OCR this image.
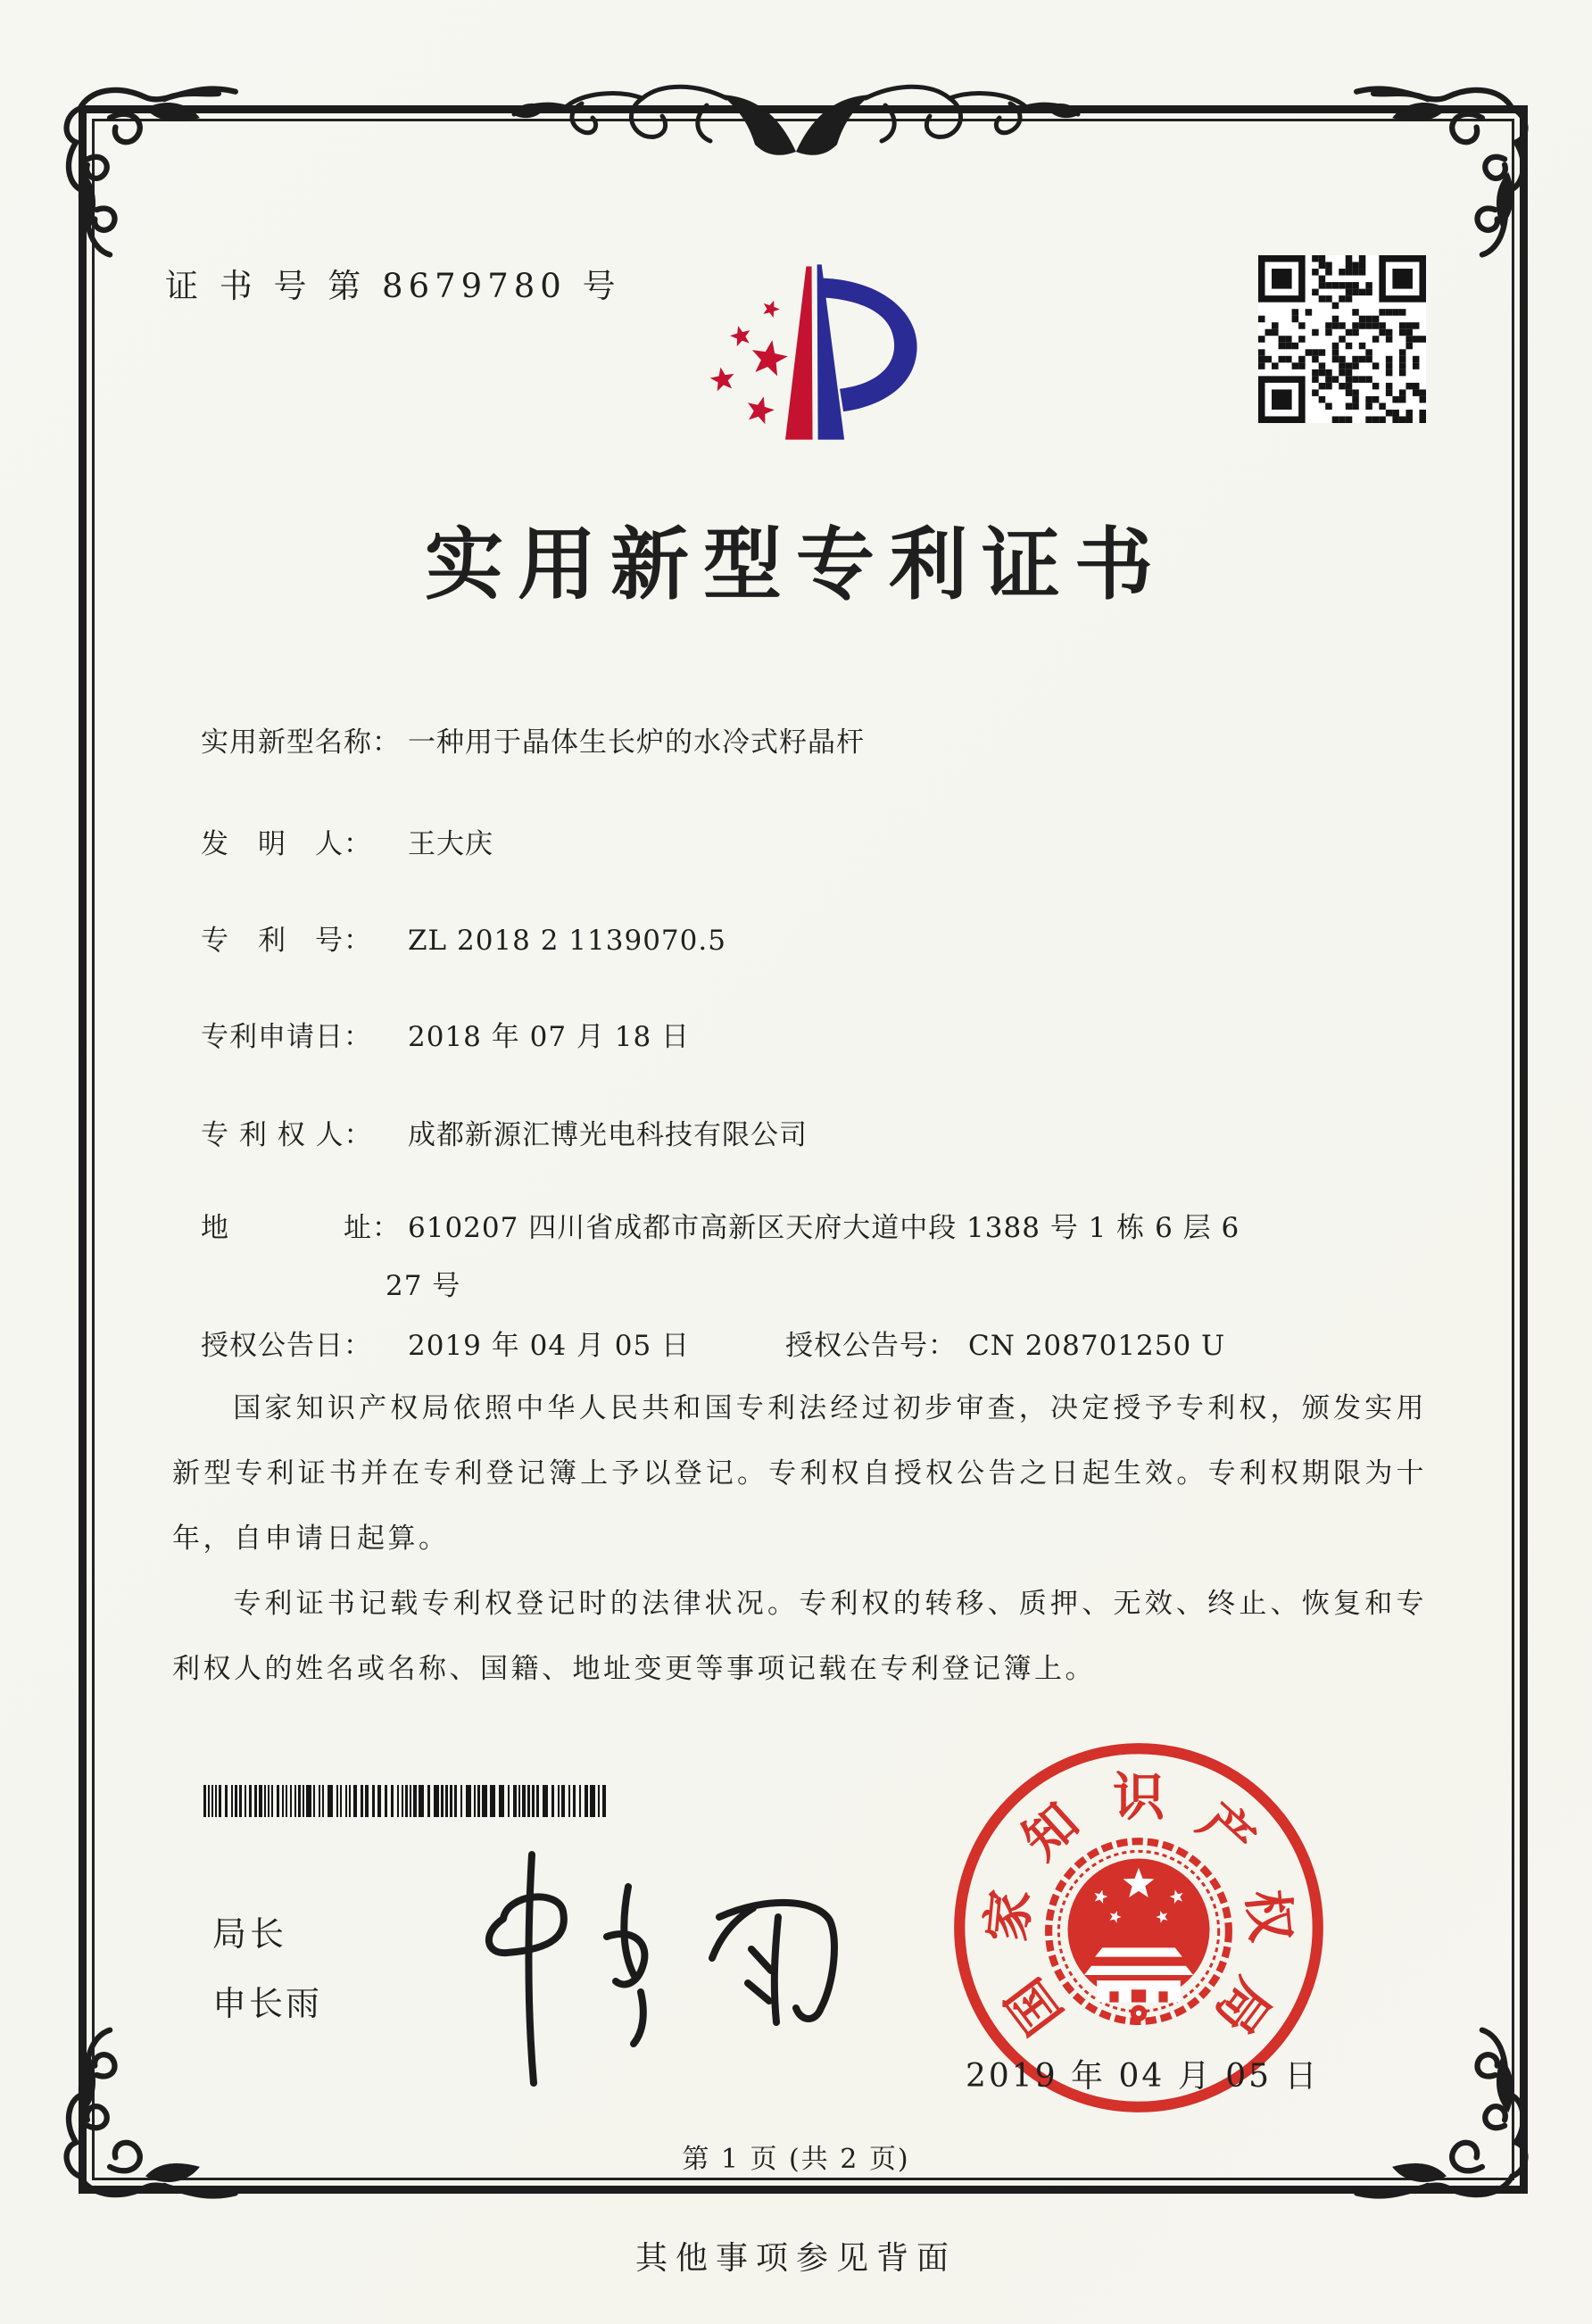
证 书 号 第 8679780 号
实用新型专利证书
实用新型名称： 一种用于晶体生长炉的水冷式籽晶杆
发　明　人： 王大庆
专　利　号： ZL 2018 2 1139070.5
专利申请日： 2018 年 07 月 18 日
专 利 权 人： 成都新源汇博光电科技有限公司
地　　　　址： 610207 四川省成都市高新区天府大道中段 1388 号 1 栋 6 层 6
27 号
授权公告日： 2019 年 04 月 05 日	授权公告号： CN 208701250 U

国家知识产权局依照中华人民共和国专利法经过初步审查，决定授予专利权，颁发实用新型专利证书并在专利登记簿上予以登记。专利权自授权公告之日起生效。专利权期限为十年，自申请日起算。

专利证书记载专利权登记时的法律状况。专利权的转移、质押、无效、终止、恢复和专利权人的姓名或名称、国籍、地址变更等事项记载在专利登记簿上。

局长
申长雨	国
家
知 识 产
权
局
2019 年 04 月 05 日
第 1 页 (共 2 页)
其他事项参见背面
